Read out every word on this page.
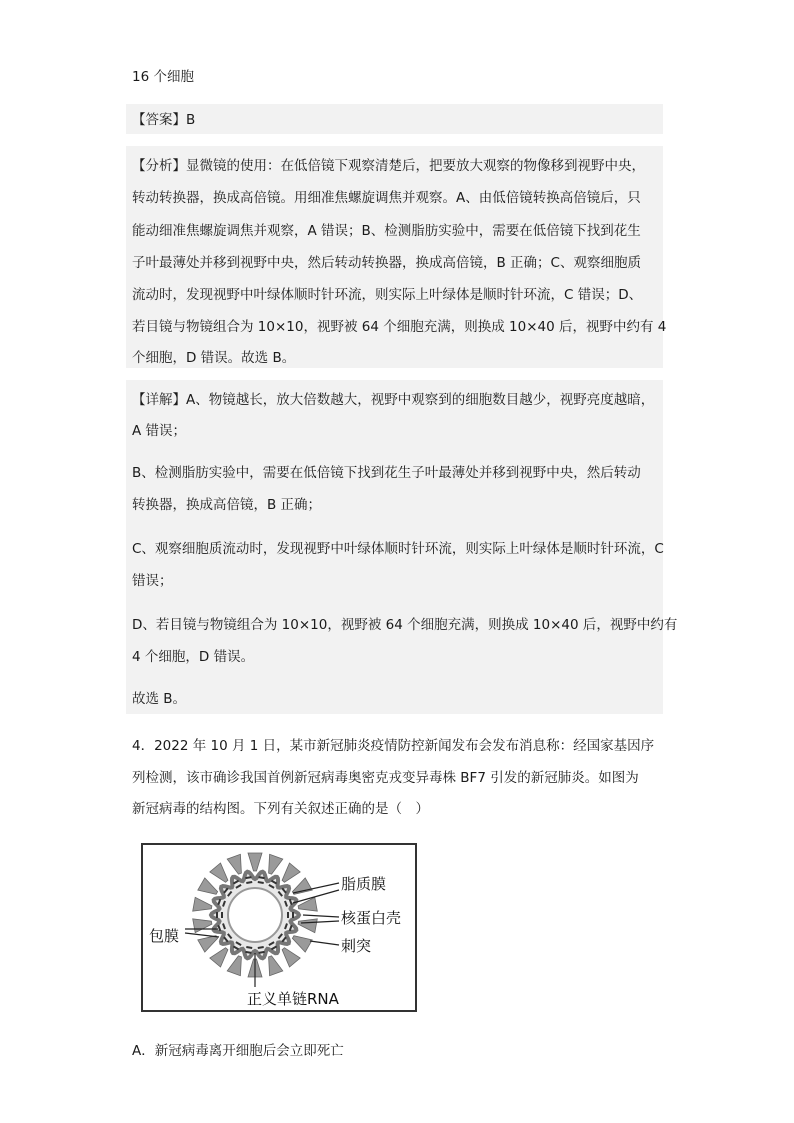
16 个细胞
【答案】B
【分析】显微镜的使用：在低倍镜下观察清楚后，把要放大观察的物像移到视野中央，
转动转换器，换成高倍镜。用细准焦螺旋调焦并观察。A、由低倍镜转换高倍镜后，只
能动细准焦螺旋调焦并观察，A 错误；B、检测脂肪实验中，需要在低倍镜下找到花生
子叶最薄处并移到视野中央，然后转动转换器，换成高倍镜，B 正确；C、观察细胞质
流动时，发现视野中叶绿体顺时针环流，则实际上叶绿体是顺时针环流，C 错误；D、
若目镜与物镜组合为 10×10，视野被 64 个细胞充满，则换成 10×40 后，视野中约有 4
个细胞，D 错误。故选 B。
【详解】A、物镜越长，放大倍数越大，视野中观察到的细胞数目越少，视野亮度越暗，
A 错误；
B、检测脂肪实验中，需要在低倍镜下找到花生子叶最薄处并移到视野中央，然后转动
转换器，换成高倍镜，B 正确；
C、观察细胞质流动时，发现视野中叶绿体顺时针环流，则实际上叶绿体是顺时针环流，C
错误；
D、若目镜与物镜组合为 10×10，视野被 64 个细胞充满，则换成 10×40 后，视野中约有
4 个细胞，D 错误。
故选 B。
4．2022 年 10 月 1 日，某市新冠肺炎疫情防控新闻发布会发布消息称：经国家基因序
列检测，该市确诊我国首例新冠病毒奥密克戎变异毒株 BF7 引发的新冠肺炎。如图为
新冠病毒的结构图。下列有关叙述正确的是（　）
脂质膜
核蛋白壳
包膜
刺突
正义单链RNA
A．新冠病毒离开细胞后会立即死亡
